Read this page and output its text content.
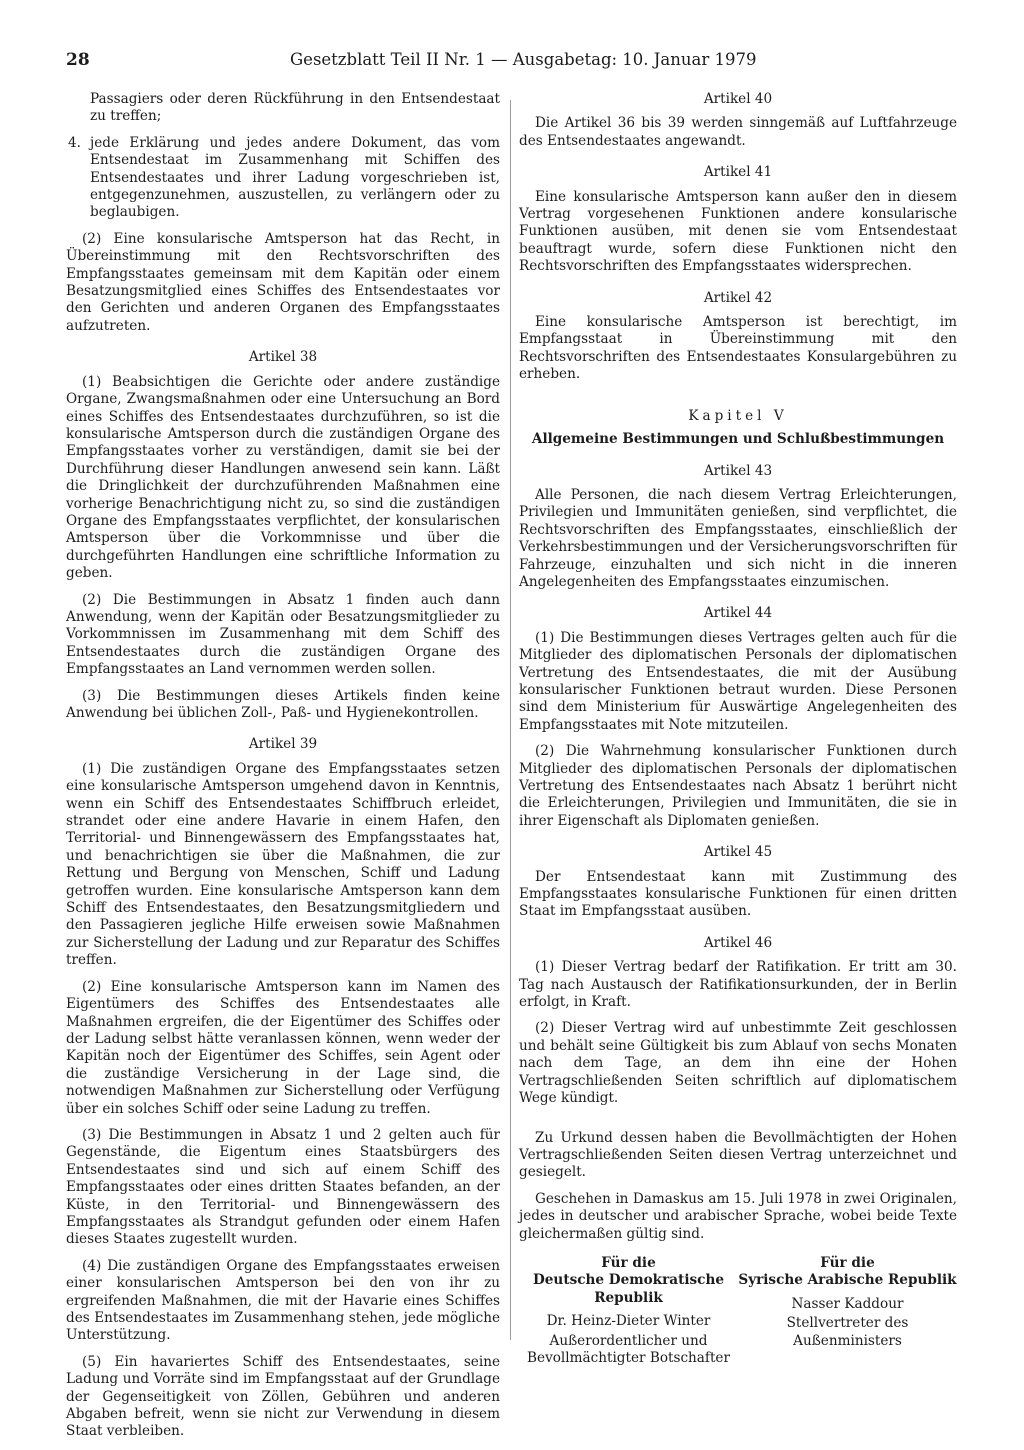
28	Gesetzblatt Teil II Nr. 1 — Ausgabetag: 10. Januar 1979

Passagiers oder deren Rückführung in den Entsendestaat zu treffen;

4. jede Erklärung und jedes andere Dokument, das vom Entsendestaat im Zusammenhang mit Schiffen des Entsendestaates und ihrer Ladung vorgeschrieben ist, entgegenzunehmen, auszustellen, zu verlängern oder zu beglaubigen.

(2) Eine konsularische Amtsperson hat das Recht, in Übereinstimmung mit den Rechtsvorschriften des Empfangsstaates gemeinsam mit dem Kapitän oder einem Besatzungsmitglied eines Schiffes des Entsendestaates vor den Gerichten und anderen Organen des Empfangsstaates aufzutreten.

Artikel 38

(1) Beabsichtigen die Gerichte oder andere zuständige Organe, Zwangsmaßnahmen oder eine Untersuchung an Bord eines Schiffes des Entsendestaates durchzuführen, so ist die konsularische Amtsperson durch die zuständigen Organe des Empfangsstaates vorher zu verständigen, damit sie bei der Durchführung dieser Handlungen anwesend sein kann. Läßt die Dringlichkeit der durchzuführenden Maßnahmen eine vorherige Benachrichtigung nicht zu, so sind die zuständigen Organe des Empfangsstaates verpflichtet, der konsularischen Amtsperson über die Vorkommnisse und über die durchgeführten Handlungen eine schriftliche Information zu geben.

(2) Die Bestimmungen in Absatz 1 finden auch dann Anwendung, wenn der Kapitän oder Besatzungsmitglieder zu Vorkommnissen im Zusammenhang mit dem Schiff des Entsendestaates durch die zuständigen Organe des Empfangsstaates an Land vernommen werden sollen.

(3) Die Bestimmungen dieses Artikels finden keine Anwendung bei üblichen Zoll-, Paß- und Hygienekontrollen.

Artikel 39

(1) Die zuständigen Organe des Empfangsstaates setzen eine konsularische Amtsperson umgehend davon in Kenntnis, wenn ein Schiff des Entsendestaates Schiffbruch erleidet, strandet oder eine andere Havarie in einem Hafen, den Territorial- und Binnengewässern des Empfangsstaates hat, und benachrichtigen sie über die Maßnahmen, die zur Rettung und Bergung von Menschen, Schiff und Ladung getroffen wurden. Eine konsularische Amtsperson kann dem Schiff des Entsendestaates, den Besatzungsmitgliedern und den Passagieren jegliche Hilfe erweisen sowie Maßnahmen zur Sicherstellung der Ladung und zur Reparatur des Schiffes treffen.

(2) Eine konsularische Amtsperson kann im Namen des Eigentümers des Schiffes des Entsendestaates alle Maßnahmen ergreifen, die der Eigentümer des Schiffes oder der Ladung selbst hätte veranlassen können, wenn weder der Kapitän noch der Eigentümer des Schiffes, sein Agent oder die zuständige Versicherung in der Lage sind, die notwendigen Maßnahmen zur Sicherstellung oder Verfügung über ein solches Schiff oder seine Ladung zu treffen.

(3) Die Bestimmungen in Absatz 1 und 2 gelten auch für Gegenstände, die Eigentum eines Staatsbürgers des Entsendestaates sind und sich auf einem Schiff des Empfangsstaates oder eines dritten Staates befanden, an der Küste, in den Territorial- und Binnengewässern des Empfangsstaates als Strandgut gefunden oder einem Hafen dieses Staates zugestellt wurden.

(4) Die zuständigen Organe des Empfangsstaates erweisen einer konsularischen Amtsperson bei den von ihr zu ergreifenden Maßnahmen, die mit der Havarie eines Schiffes des Entsendestaates im Zusammenhang stehen, jede mögliche Unterstützung.

(5) Ein havariertes Schiff des Entsendestaates, seine Ladung und Vorräte sind im Empfangsstaat auf der Grundlage der Gegenseitigkeit von Zöllen, Gebühren und anderen Abgaben befreit, wenn sie nicht zur Verwendung in diesem Staat verbleiben.

Artikel 40

Die Artikel 36 bis 39 werden sinngemäß auf Luftfahrzeuge des Entsendestaates angewandt.

Artikel 41

Eine konsularische Amtsperson kann außer den in diesem Vertrag vorgesehenen Funktionen andere konsularische Funktionen ausüben, mit denen sie vom Entsendestaat beauftragt wurde, sofern diese Funktionen nicht den Rechtsvorschriften des Empfangsstaates widersprechen.

Artikel 42

Eine konsularische Amtsperson ist berechtigt, im Empfangsstaat in Übereinstimmung mit den Rechtsvorschriften des Entsendestaates Konsulargebühren zu erheben.

Kapitel V
Allgemeine Bestimmungen und Schlußbestimmungen
Artikel 43

Alle Personen, die nach diesem Vertrag Erleichterungen, Privilegien und Immunitäten genießen, sind verpflichtet, die Rechtsvorschriften des Empfangsstaates, einschließlich der Verkehrsbestimmungen und der Versicherungsvorschriften für Fahrzeuge, einzuhalten und sich nicht in die inneren Angelegenheiten des Empfangsstaates einzumischen.

Artikel 44

(1) Die Bestimmungen dieses Vertrages gelten auch für die Mitglieder des diplomatischen Personals der diplomatischen Vertretung des Entsendestaates, die mit der Ausübung konsularischer Funktionen betraut wurden. Diese Personen sind dem Ministerium für Auswärtige Angelegenheiten des Empfangsstaates mit Note mitzuteilen.

(2) Die Wahrnehmung konsularischer Funktionen durch Mitglieder des diplomatischen Personals der diplomatischen Vertretung des Entsendestaates nach Absatz 1 berührt nicht die Erleichterungen, Privilegien und Immunitäten, die sie in ihrer Eigenschaft als Diplomaten genießen.

Artikel 45

Der Entsendestaat kann mit Zustimmung des Empfangsstaates konsularische Funktionen für einen dritten Staat im Empfangsstaat ausüben.

Artikel 46

(1) Dieser Vertrag bedarf der Ratifikation. Er tritt am 30. Tag nach Austausch der Ratifikationsurkunden, der in Berlin erfolgt, in Kraft.

(2) Dieser Vertrag wird auf unbestimmte Zeit geschlossen und behält seine Gültigkeit bis zum Ablauf von sechs Monaten nach dem Tage, an dem ihn eine der Hohen Vertragschließenden Seiten schriftlich auf diplomatischem Wege kündigt.

Zu Urkund dessen haben die Bevollmächtigten der Hohen Vertragschließenden Seiten diesen Vertrag unterzeichnet und gesiegelt.

Geschehen in Damaskus am 15. Juli 1978 in zwei Originalen, jedes in deutscher und arabischer Sprache, wobei beide Texte gleichermaßen gültig sind.

Für die
Deutsche Demokratische Republik
Dr. Heinz-Dieter Winter
Außerordentlicher und Bevollmächtigter Botschafter
Für die
Syrische Arabische Republik
Nasser Kaddour
Stellvertreter des Außenministers
